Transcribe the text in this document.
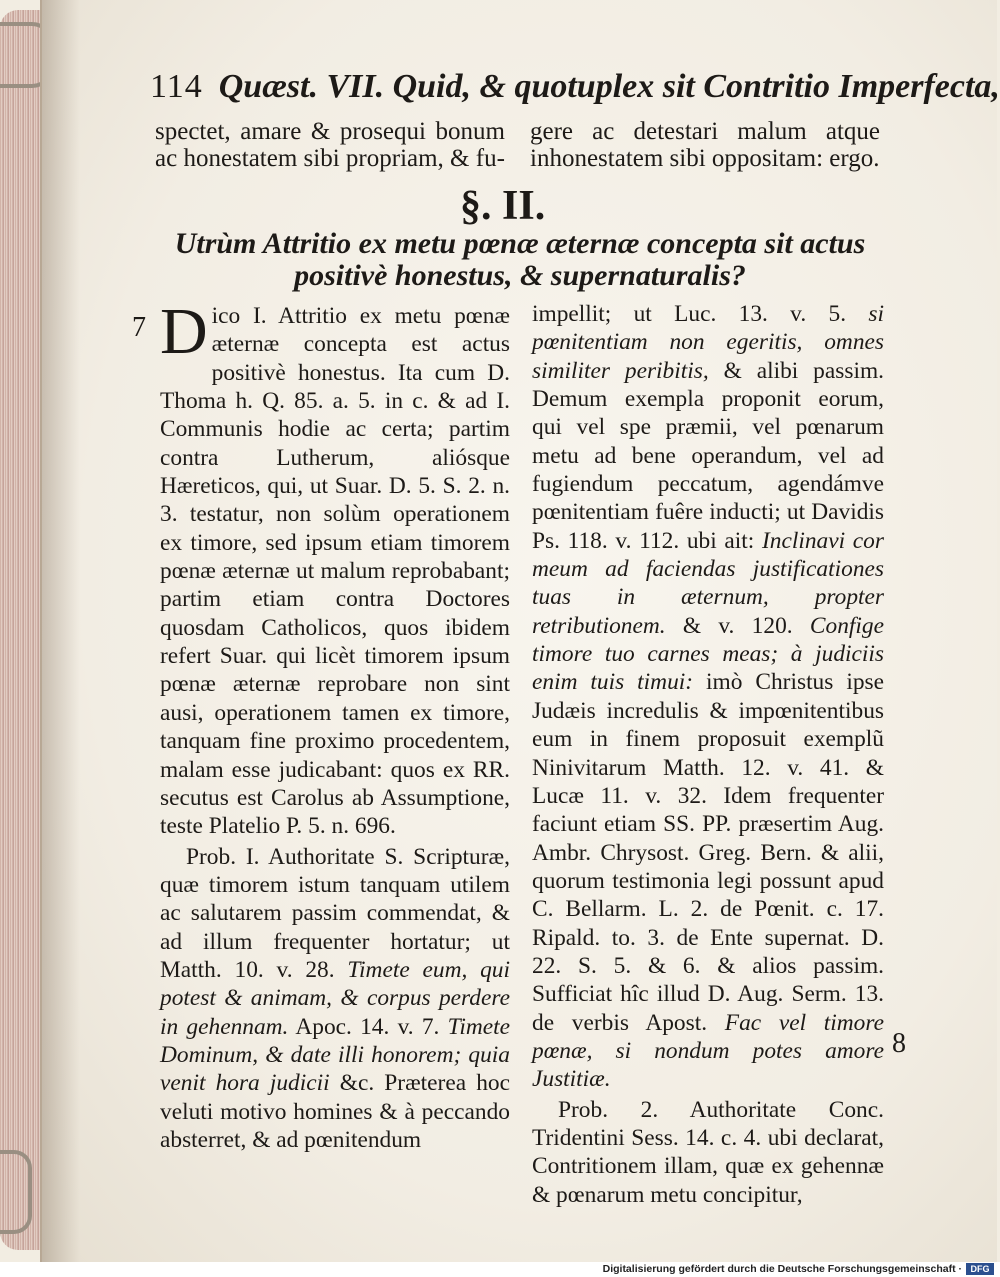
114 Quæst. VII. Quid, & quotuplex sit Contritio Imperfecta,
spectet, amare & prosequi bonum ac honestatem sibi propriam, & fu-
gere ac detestari malum atque inhonestatem sibi oppositam: ergo.
§. II.
Utrùm Attritio ex metu pœnæ æternæ concepta sit actus positivè honestus, & supernaturalis?
7
8

Dico I. Attritio ex metu pœnæ æternæ concepta est actus positivè honestus. Ita cum D. Thoma h. Q. 85. a. 5. in c. & ad I. Communis hodie ac certa; partim contra Lutherum, aliósque Hæreticos, qui, ut Suar. D. 5. S. 2. n. 3. testatur, non solùm operationem ex timore, sed ipsum etiam timorem pœnæ æternæ ut malum reprobabant; partim etiam contra Doctores quosdam Catholicos, quos ibidem refert Suar. qui licèt timorem ipsum pœnæ æternæ reprobare non sint ausi, operationem tamen ex timore, tanquam fine proximo procedentem, malam esse judicabant: quos ex RR. secutus est Carolus ab Assumptione, teste Platelio P. 5. n. 696.

Prob. I. Authoritate S. Scripturæ, quæ timorem istum tanquam utilem ac salutarem passim commendat, & ad illum frequenter hortatur; ut Matth. 10. v. 28. Timete eum, qui potest & animam, & corpus perdere in gehennam. Apoc. 14. v. 7. Timete Dominum, & date illi honorem; quia venit hora judicii &c. Præterea hoc veluti motivo homines & à peccando absterret, & ad pœnitendum

impellit; ut Luc. 13. v. 5. si pœnitentiam non egeritis, omnes similiter peribitis, & alibi passim. Demum exempla proponit eorum, qui vel spe præmii, vel pœnarum metu ad bene operandum, vel ad fugiendum peccatum, agendámve pœnitentiam fuêre inducti; ut Davidis Ps. 118. v. 112. ubi ait: Inclinavi cor meum ad faciendas justificationes tuas in æternum, propter retributionem. & v. 120. Confige timore tuo carnes meas; à judiciis enim tuis timui: imò Christus ipse Judæis incredulis & impœnitentibus eum in finem proposuit exemplũ Ninivitarum Matth. 12. v. 41. & Lucæ 11. v. 32. Idem frequenter faciunt etiam SS. PP. præsertim Aug. Ambr. Chrysost. Greg. Bern. & alii, quorum testimonia legi possunt apud C. Bellarm. L. 2. de Pœnit. c. 17. Ripald. to. 3. de Ente supernat. D. 22. S. 5. & 6. & alios passim. Sufficiat hîc illud D. Aug. Serm. 13. de verbis Apost. Fac vel timore pœnæ, si nondum potes amore Justitiæ.

Prob. 2. Authoritate Conc. Tridentini Sess. 14. c. 4. ubi declarat, Contritionem illam, quæ ex gehennæ & pœnarum metu concipitur,

Digitalisierung gefördert durch die Deutsche Forschungsgemeinschaft · DFG
